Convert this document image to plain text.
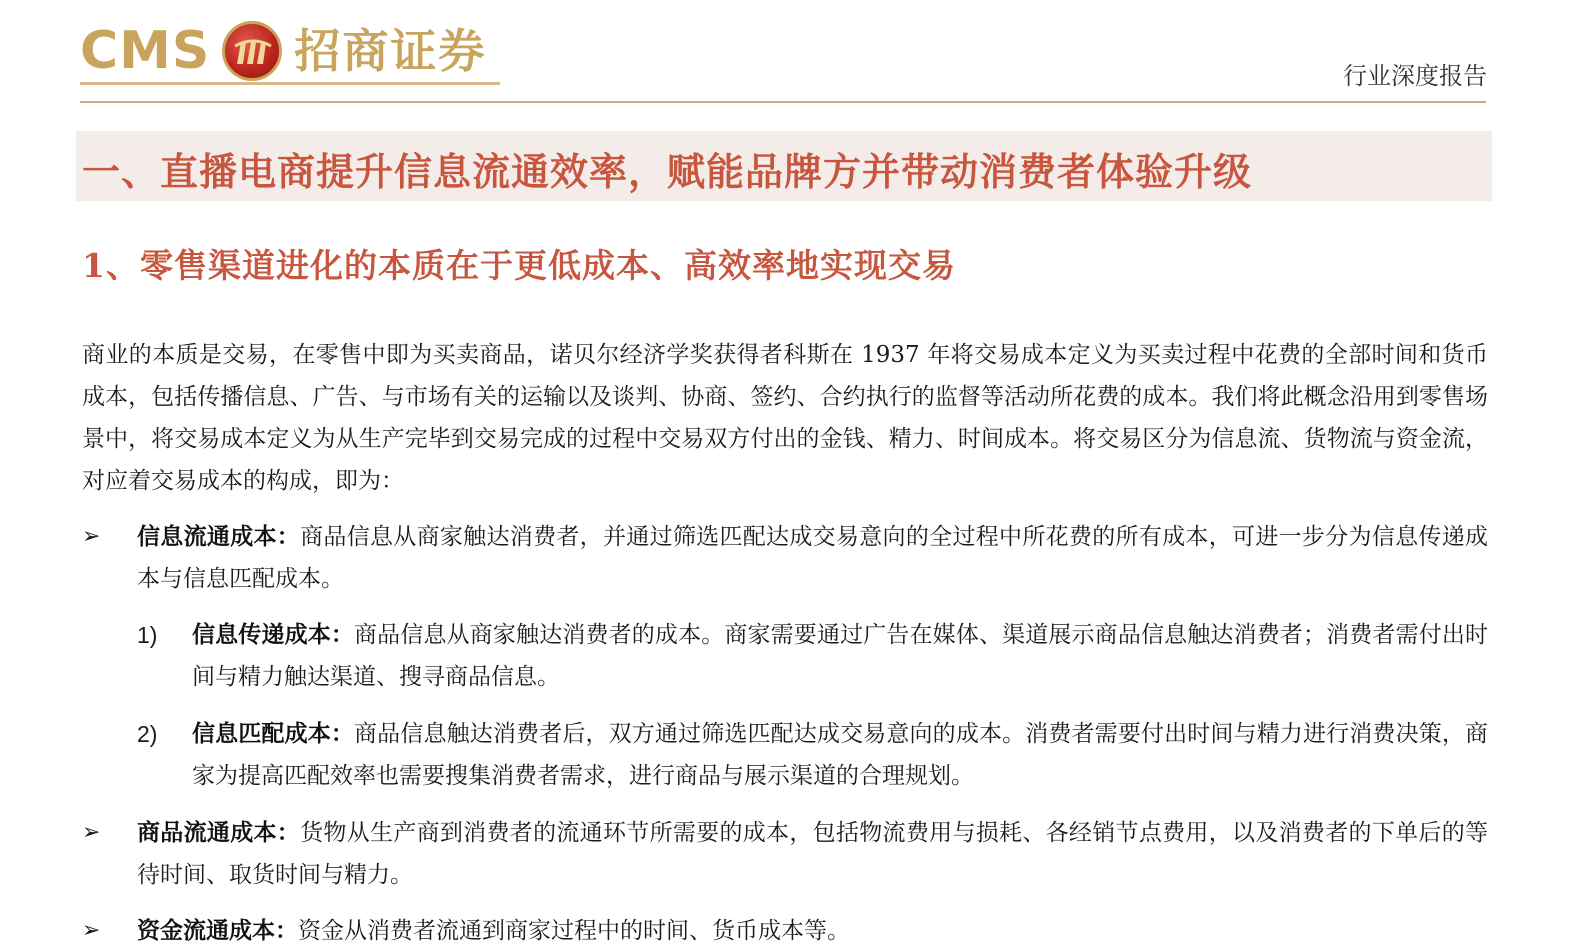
CMS 招商证券	行业深度报告
一、直播电商提升信息流通效率，赋能品牌方并带动消费者体验升级
1、零售渠道进化的本质在于更低成本、高效率地实现交易
商业的本质是交易，在零售中即为买卖商品，诺贝尔经济学奖获得者科斯在 1937 年将交易成本定义为买卖过程中花费的全部时间和货币成本，包括传播信息、广告、与市场有关的运输以及谈判、协商、签约、合约执行的监督等活动所花费的成本。我们将此概念沿用到零售场景中，将交易成本定义为从生产完毕到交易完成的过程中交易双方付出的金钱、精力、时间成本。将交易区分为信息流、货物流与资金流，对应着交易成本的构成，即为：
➢	信息流通成本：商品信息从商家触达消费者，并通过筛选匹配达成交易意向的全过程中所花费的所有成本，可进一步分为信息传递成本与信息匹配成本。
1) 信息传递成本：商品信息从商家触达消费者的成本。商家需要通过广告在媒体、渠道展示商品信息触达消费者；消费者需付出时间与精力触达渠道、搜寻商品信息。
2) 信息匹配成本：商品信息触达消费者后，双方通过筛选匹配达成交易意向的成本。消费者需要付出时间与精力进行消费决策，商家为提高匹配效率也需要搜集消费者需求，进行商品与展示渠道的合理规划。
➢	商品流通成本：货物从生产商到消费者的流通环节所需要的成本，包括物流费用与损耗、各经销节点费用，以及消费者的下单后的等待时间、取货时间与精力。
➢	资金流通成本：资金从消费者流通到商家过程中的时间、货币成本等。
